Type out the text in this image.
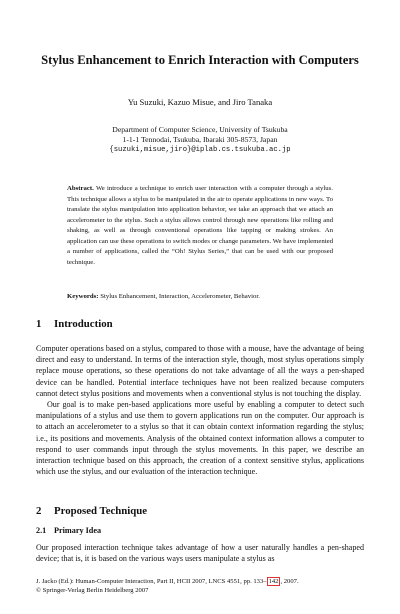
Stylus Enhancement to Enrich Interaction with Computers
Yu Suzuki, Kazuo Misue, and Jiro Tanaka
Department of Computer Science, University of Tsukuba
1-1-1 Tennodai, Tsukuba, Ibaraki 305-8573, Japan
{suzuki,misue,jiro}@iplab.cs.tsukuba.ac.jp
Abstract. We introduce a technique to enrich user interaction with a computer through a stylus. This technique allows a stylus to be manipulated in the air to operate applications in new ways. To translate the stylus manipulation into application behavior, we take an approach that we attach an accelerometer to the stylus. Such a stylus allows control through new operations like rolling and shaking, as well as through conventional operations like tapping or making strokes. An application can use these operations to switch modes or change parameters. We have implemented a number of applications, called the “Oh! Stylus Series,” that can be used with our proposed technique.
Keywords: Stylus Enhancement, Interaction, Accelerometer, Behavior.
1 Introduction

Computer operations based on a stylus, compared to those with a mouse, have the advantage of being direct and easy to understand. In terms of the interaction style, though, most stylus operations simply replace mouse operations, so these operations do not take advantage of all the ways a pen-shaped device can be handled. Potential interface techniques have not been realized because computers cannot detect stylus positions and movements when a conventional stylus is not touching the display.

Our goal is to make pen-based applications more useful by enabling a computer to detect such manipulations of a stylus and use them to govern applications run on the computer. Our approach is to attach an accelerometer to a stylus so that it can obtain context information regarding the stylus; i.e., its positions and movements. Analysis of the obtained context information allows a computer to respond to user commands input through the stylus movements. In this paper, we describe an interaction technique based on this approach, the creation of a context sensitive stylus, applications which use the stylus, and our evaluation of the interaction technique.

2 Proposed Technique
2.1 Primary Idea

Our proposed interaction technique takes advantage of how a user naturally handles a pen-shaped device; that is, it is based on the various ways users manipulate a stylus as

J. Jacko (Ed.): Human-Computer Interaction, Part II, HCII 2007, LNCS 4551, pp. 133– 142 , 2007.
© Springer-Verlag Berlin Heidelberg 2007
